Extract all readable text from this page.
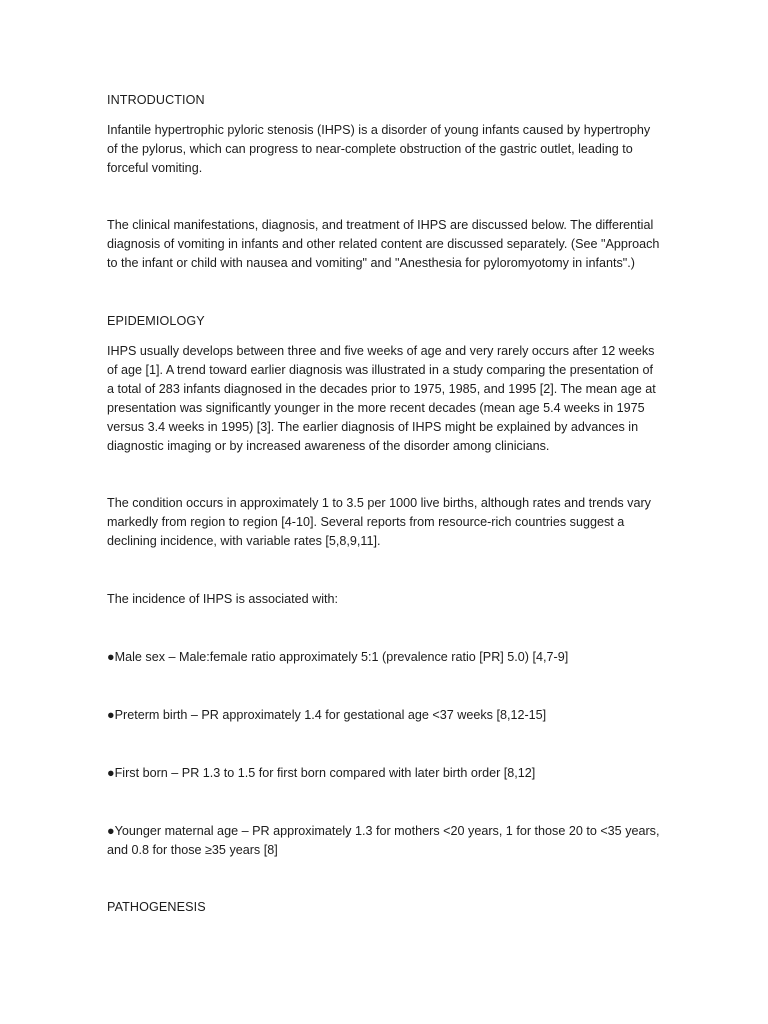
INTRODUCTION
Infantile hypertrophic pyloric stenosis (IHPS) is a disorder of young infants caused by hypertrophy
of the pylorus, which can progress to near-complete obstruction of the gastric outlet, leading to
forceful vomiting.
The clinical manifestations, diagnosis, and treatment of IHPS are discussed below. The differential
diagnosis of vomiting in infants and other related content are discussed separately. (See "Approach
to the infant or child with nausea and vomiting" and "Anesthesia for pyloromyotomy in infants".)
EPIDEMIOLOGY
IHPS usually develops between three and five weeks of age and very rarely occurs after 12 weeks
of age [1]. A trend toward earlier diagnosis was illustrated in a study comparing the presentation of
a total of 283 infants diagnosed in the decades prior to 1975, 1985, and 1995 [2]. The mean age at
presentation was significantly younger in the more recent decades (mean age 5.4 weeks in 1975
versus 3.4 weeks in 1995) [3]. The earlier diagnosis of IHPS might be explained by advances in
diagnostic imaging or by increased awareness of the disorder among clinicians.
The condition occurs in approximately 1 to 3.5 per 1000 live births, although rates and trends vary
markedly from region to region [4-10]. Several reports from resource-rich countries suggest a
declining incidence, with variable rates [5,8,9,11].
The incidence of IHPS is associated with:
●Male sex – Male:female ratio approximately 5:1 (prevalence ratio [PR] 5.0) [4,7-9]
●Preterm birth – PR approximately 1.4 for gestational age <37 weeks [8,12-15]
●First born – PR 1.3 to 1.5 for first born compared with later birth order [8,12]
●Younger maternal age – PR approximately 1.3 for mothers <20 years, 1 for those 20 to <35 years,
and 0.8 for those ≥35 years [8]
PATHOGENESIS
